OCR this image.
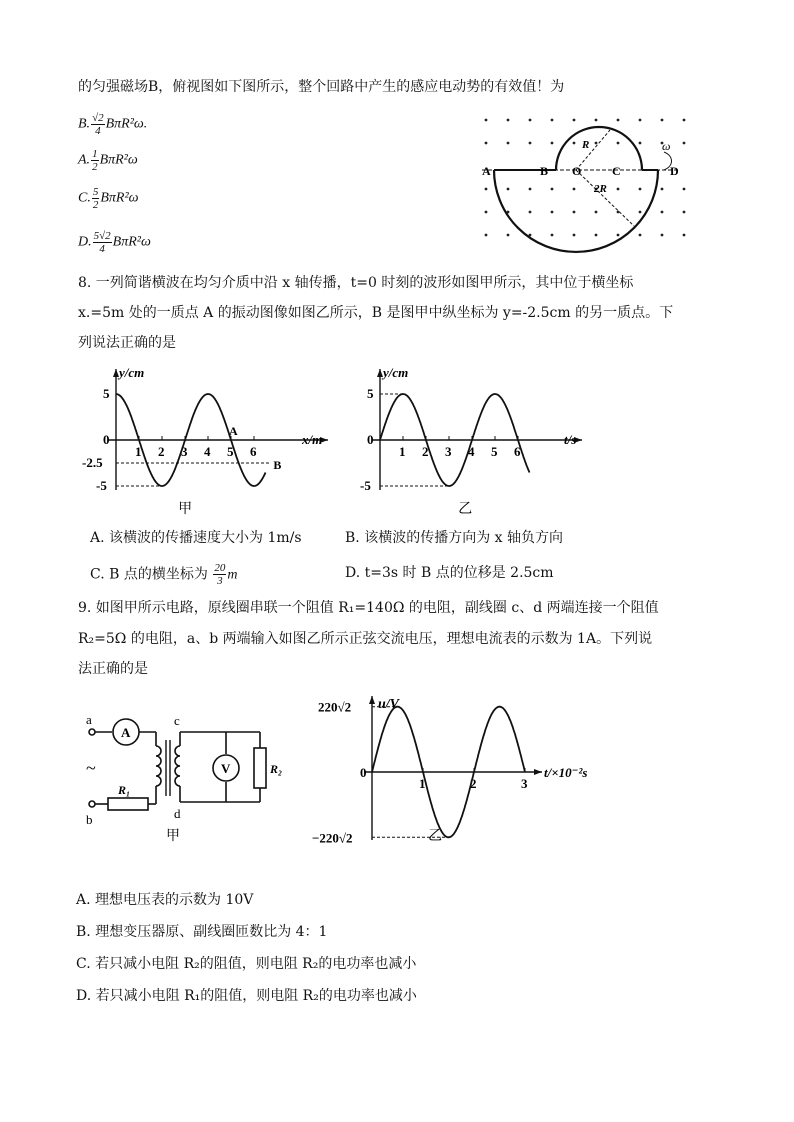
的匀强磁场B，俯视图如下图所示，整个回路中产生的感应电动势的有效值！为
B. $\frac{√2}{4} B\pi R^2\omega$.
A. $\frac{1}{2} B\pi R^2\omega$
C. $\frac{5}{2} B\pi R^2\omega$
D. $\frac{5√2}{4} B\pi R^2\omega$
A	B O	C	D
R
2R
ω
8. 一列简谐横波在均匀介质中沿 x 轴传播，t=0 时刻的波形如图甲所示，其中位于横坐标
x.=5m 处的一质点 A 的振动图像如图乙所示，B 是图甲中纵坐标为 y=-2.5cm 的另一质点。下
列说法正确的是
x/m
y/cm
1 2 3 4 5 6
5
0
-2.5
-5
A
B
甲
t/s
y/cm
1 2 3 4 5 6
5
0
-5
乙
A. 该横波的传播速度大小为 1m/s	B. 该横波的传播方向为 x 轴负方向
C. B 点的横坐标为 $\frac{20}{3}$ m	D. t=3s 时 B 点的位移是 2.5cm
9. 如图甲所示电路，原线圈串联一个阻值 R₁=140Ω 的电阻，副线圈 c、d 两端连接一个阻值
R₂=5Ω 的电阻，a、b 两端输入如图乙所示正弦交流电压，理想电流表的示数为 1A。下列说
法正确的是
a
b
c
d
A
V
R₁
R₂
~
甲
u/V
t/×10⁻²s
1	2	3
220√2
0
−220√2	乙
A. 理想电压表的示数为 10V
B. 理想变压器原、副线圈匝数比为 4：1
C. 若只减小电阻 R₂的阻值，则电阻 R₂的电功率也减小
D. 若只减小电阻 R₁的阻值，则电阻 R₂的电功率也减小
